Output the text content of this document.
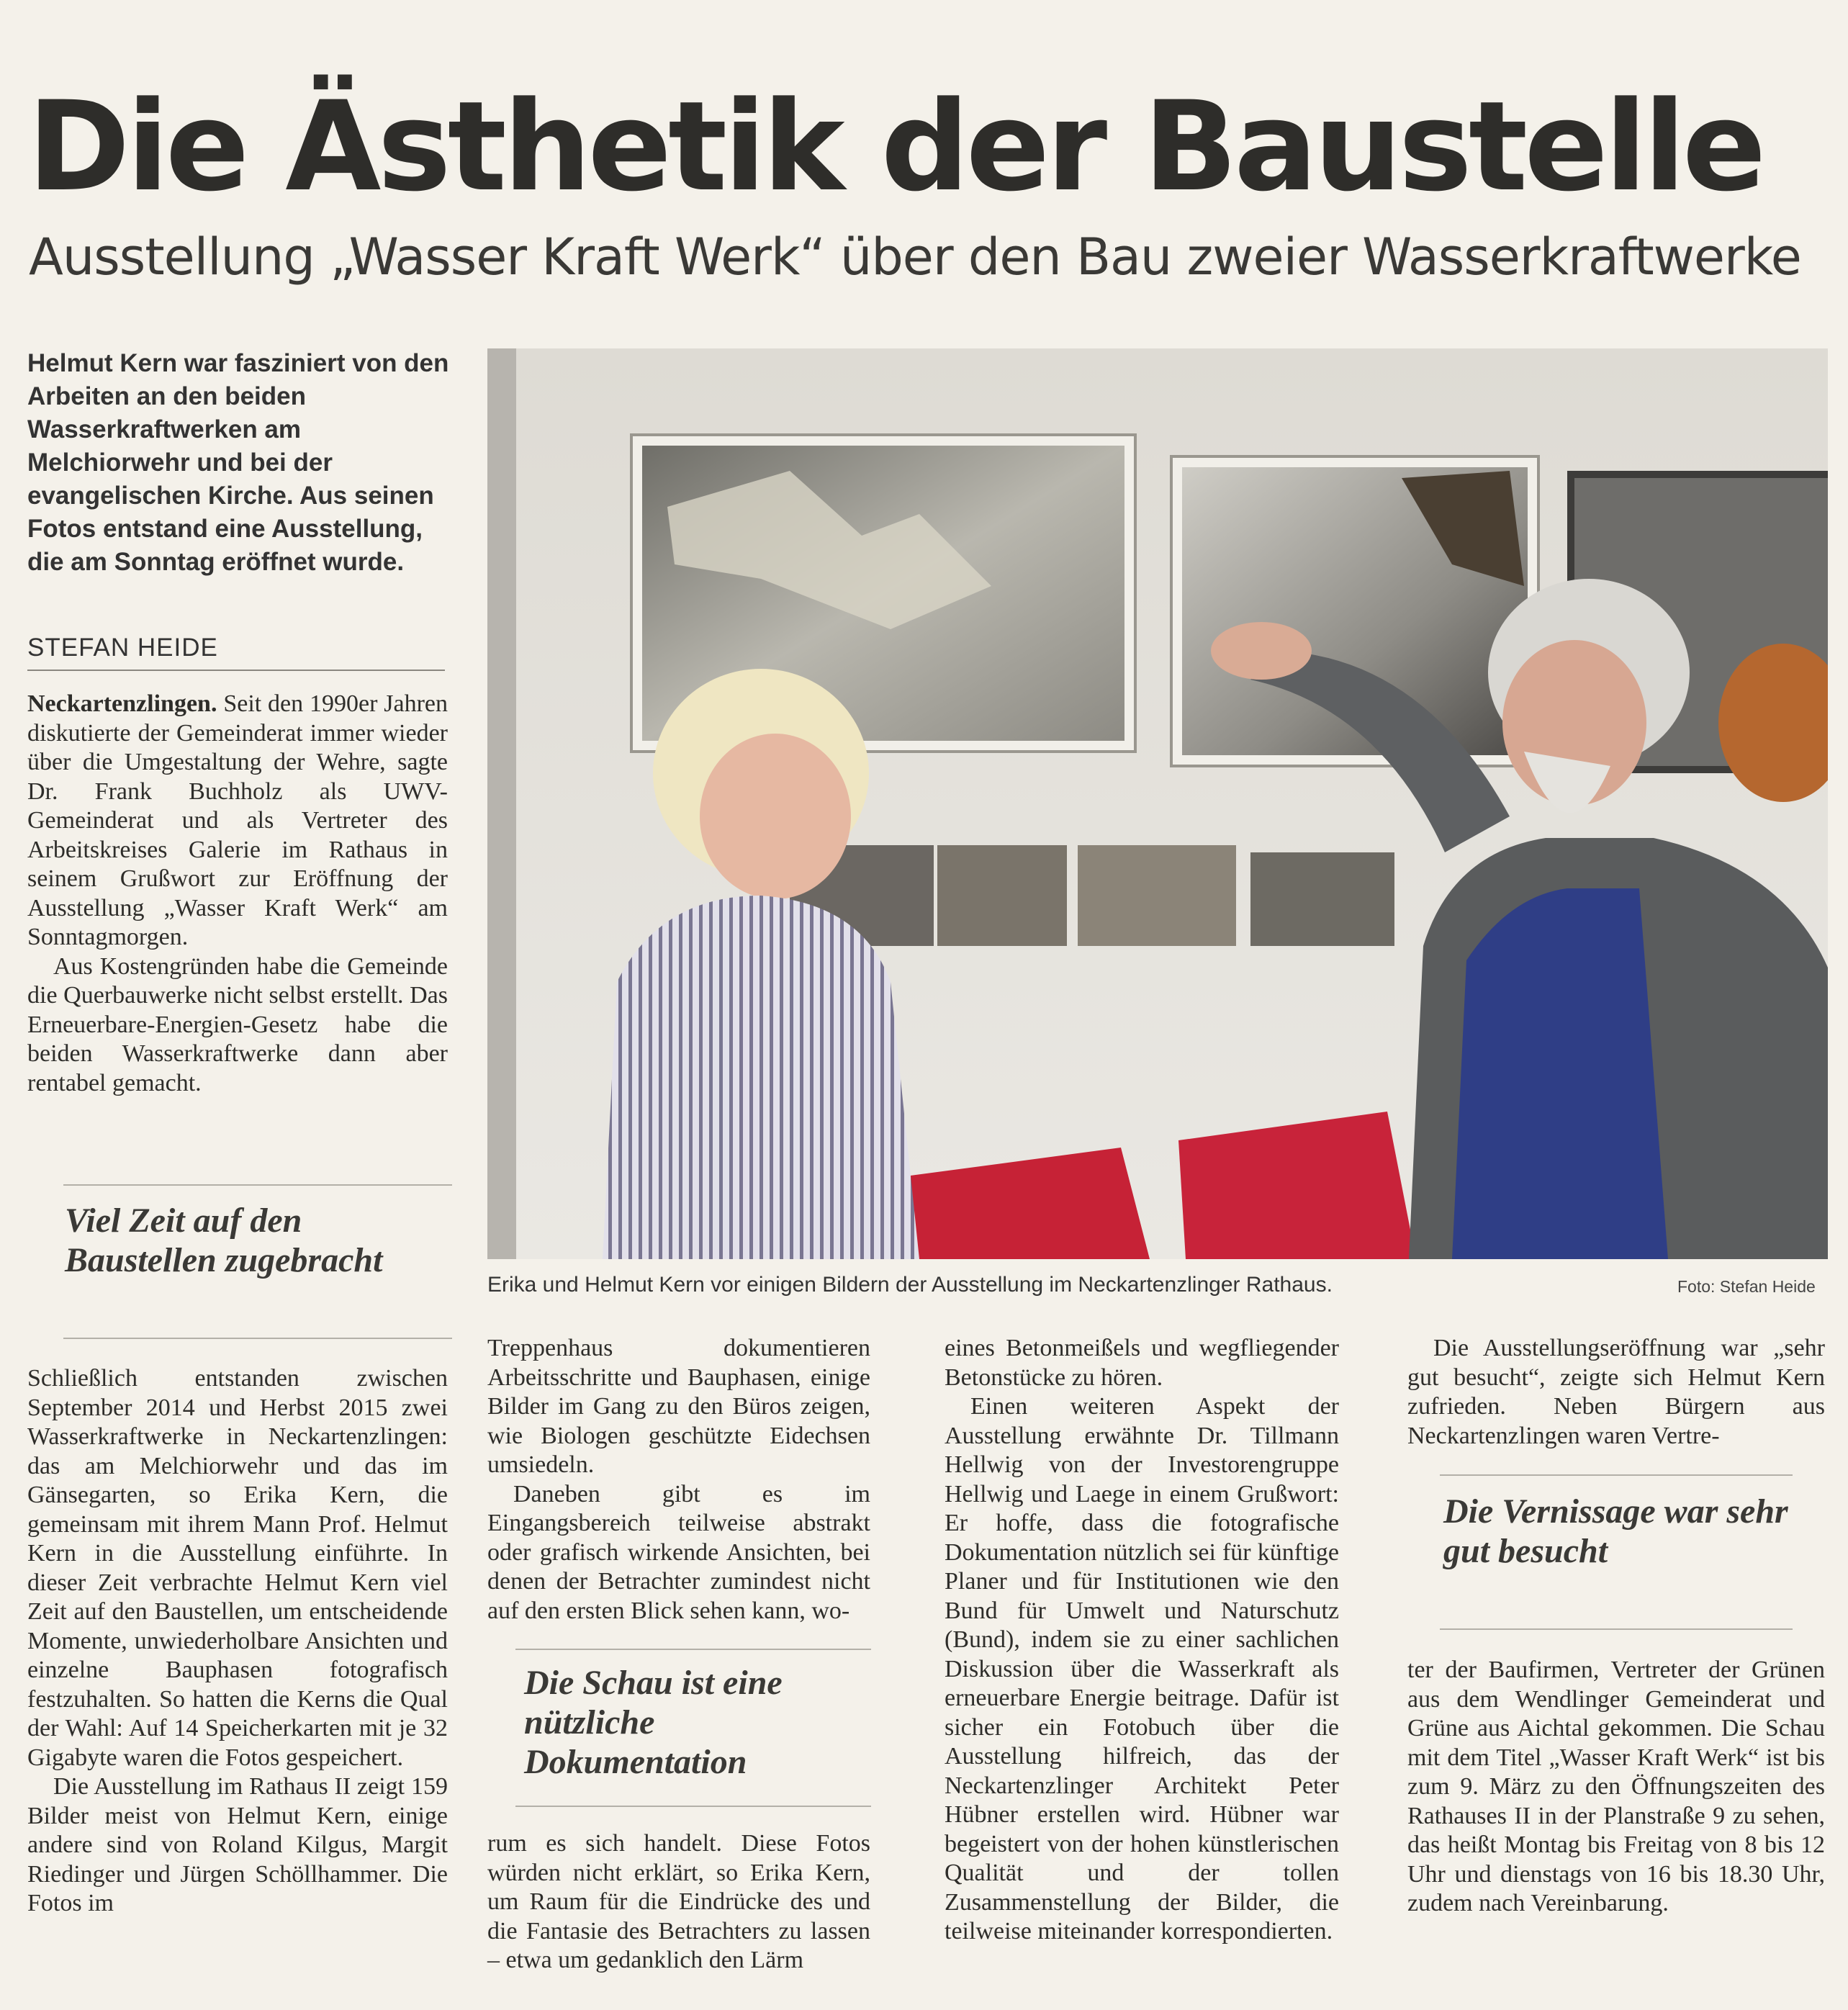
Die Ästhetik der Baustelle
Ausstellung „Wasser Kraft Werk“ über den Bau zweier Wasserkraftwerke

Helmut Kern war fasziniert von den Arbeiten an den beiden Wasserkraftwerken am Melchiorwehr und bei der evangelischen Kirche. Aus seinen Fotos entstand eine Ausstellung, die am Sonntag eröffnet wurde.

STEFAN HEIDE

Neckartenzlingen. Seit den 1990er Jahren diskutierte der Gemeinderat immer wieder über die Umgestaltung der Wehre, sagte Dr. Frank Buchholz als UWV-Gemeinderat und als Vertreter des Arbeitskreises Galerie im Rathaus in seinem Grußwort zur Eröffnung der Ausstellung „Wasser Kraft Werk“ am Sonntagmorgen.

Aus Kostengründen habe die Gemeinde die Querbauwerke nicht selbst erstellt. Das Erneuerbare-Energien-Gesetz habe die beiden Wasserkraftwerke dann aber rentabel gemacht.

Viel Zeit auf den Baustellen zugebracht

Schließlich entstanden zwischen September 2014 und Herbst 2015 zwei Wasserkraftwerke in Neckartenzlingen: das am Melchiorwehr und das im Gänsegarten, so Erika Kern, die gemeinsam mit ihrem Mann Prof. Helmut Kern in die Ausstellung einführte. In dieser Zeit verbrachte Helmut Kern viel Zeit auf den Baustellen, um entscheidende Momente, unwiederholbare Ansichten und einzelne Bauphasen fotografisch festzuhalten. So hatten die Kerns die Qual der Wahl: Auf 14 Speicherkarten mit je 32 Gigabyte waren die Fotos gespeichert.

Die Ausstellung im Rathaus II zeigt 159 Bilder meist von Helmut Kern, einige andere sind von Roland Kilgus, Margit Riedinger und Jürgen Schöllhammer. Die Fotos im

Erika und Helmut Kern vor einigen Bildern der Ausstellung im Neckartenzlinger Rathaus.	Foto: Stefan Heide

Treppenhaus dokumentieren Arbeitsschritte und Bauphasen, einige Bilder im Gang zu den Büros zeigen, wie Biologen geschützte Eidechsen umsiedeln.

Daneben gibt es im Eingangsbereich teilweise abstrakt oder grafisch wirkende Ansichten, bei denen der Betrachter zumindest nicht auf den ersten Blick sehen kann, wo-

Die Schau ist eine nützliche Dokumentation

rum es sich handelt. Diese Fotos würden nicht erklärt, so Erika Kern, um Raum für die Eindrücke des und die Fantasie des Betrachters zu lassen – etwa um gedanklich den Lärm

eines Betonmeißels und wegfliegender Betonstücke zu hören.

Einen weiteren Aspekt der Ausstellung erwähnte Dr. Tillmann Hellwig von der Investorengruppe Hellwig und Laege in einem Grußwort: Er hoffe, dass die fotografische Dokumentation nützlich sei für künftige Planer und für Institutionen wie den Bund für Umwelt und Naturschutz (Bund), indem sie zu einer sachlichen Diskussion über die Wasserkraft als erneuerbare Energie beitrage. Dafür ist sicher ein Fotobuch über die Ausstellung hilfreich, das der Neckartenzlinger Architekt Peter Hübner erstellen wird. Hübner war begeistert von der hohen künstlerischen Qualität und der tollen Zusammenstellung der Bilder, die teilweise miteinander korrespondierten.

Die Ausstellungseröffnung war „sehr gut besucht“, zeigte sich Helmut Kern zufrieden. Neben Bürgern aus Neckartenzlingen waren Vertre-

Die Vernissage war sehr gut besucht

ter der Baufirmen, Vertreter der Grünen aus dem Wendlinger Gemeinderat und Grüne aus Aichtal gekommen. Die Schau mit dem Titel „Wasser Kraft Werk“ ist bis zum 9. März zu den Öffnungszeiten des Rathauses II in der Planstraße 9 zu sehen, das heißt Montag bis Freitag von 8 bis 12 Uhr und dienstags von 16 bis 18.30 Uhr, zudem nach Vereinbarung.
